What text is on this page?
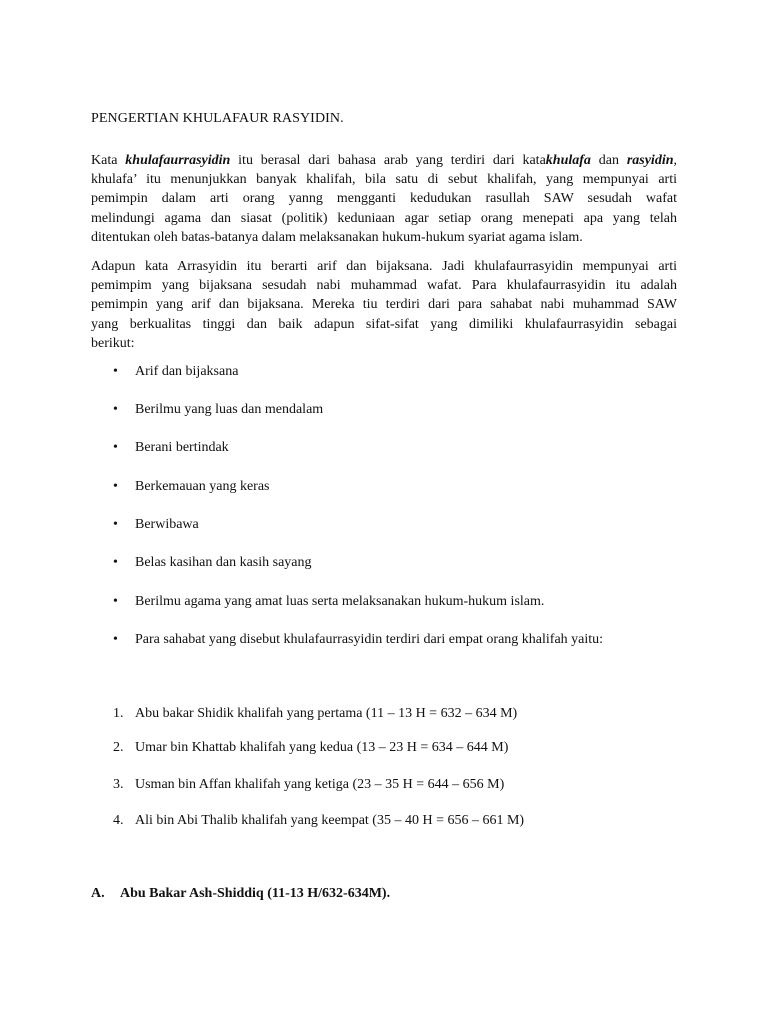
PENGERTIAN KHULAFAUR RASYIDIN.
Kata khulafaurrasyidin itu berasal dari bahasa arab yang terdiri dari katakhulafa dan rasyidin,
khulafa’ itu menunjukkan banyak khalifah, bila satu di sebut khalifah, yang mempunyai arti
pemimpin dalam arti orang yanng mengganti kedudukan rasullah SAW sesudah wafat
melindungi agama dan siasat (politik) keduniaan agar setiap orang menepati apa yang telah
ditentukan oleh batas-batanya dalam melaksanakan hukum-hukum syariat agama islam.
Adapun kata Arrasyidin itu berarti arif dan bijaksana. Jadi khulafaurrasyidin mempunyai arti
pemimpim yang bijaksana sesudah nabi muhammad wafat. Para khulafaurrasyidin itu adalah
pemimpin yang arif dan bijaksana. Mereka tiu terdiri dari para sahabat nabi muhammad SAW
yang berkualitas tinggi dan baik adapun sifat-sifat yang dimiliki khulafaurrasyidin sebagai
berikut:
• Arif dan bijaksana
• Berilmu yang luas dan mendalam
• Berani bertindak
• Berkemauan yang keras
• Berwibawa
• Belas kasihan dan kasih sayang
• Berilmu agama yang amat luas serta melaksanakan hukum-hukum islam.
• Para sahabat yang disebut khulafaurrasyidin terdiri dari empat orang khalifah yaitu:
1. Abu bakar Shidik khalifah yang pertama (11 – 13 H = 632 – 634 M)
2. Umar bin Khattab khalifah yang kedua (13 – 23 H = 634 – 644 M)
3. Usman bin Affan khalifah yang ketiga (23 – 35 H = 644 – 656 M)
4. Ali bin Abi Thalib khalifah yang keempat (35 – 40 H = 656 – 661 M)
A. Abu Bakar Ash-Shiddiq (11-13 H/632-634M).
